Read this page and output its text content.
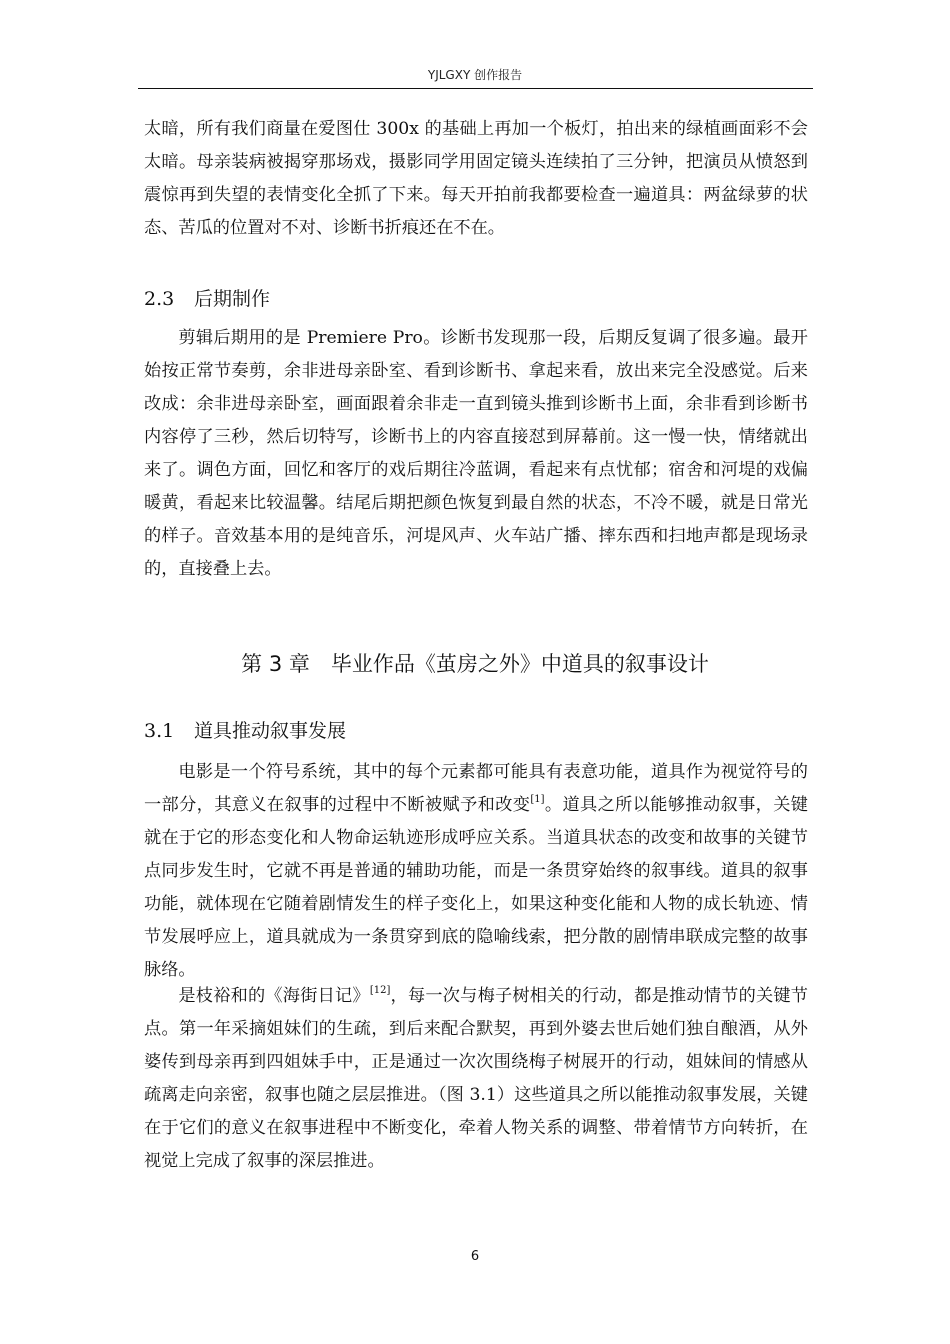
YJLGXY 创作报告

太暗，所有我们商量在爱图仕 300x 的基础上再加一个板灯，拍出来的绿植画面彩不会太暗。母亲装病被揭穿那场戏，摄影同学用固定镜头连续拍了三分钟，把演员从愤怒到震惊再到失望的表情变化全抓了下来。每天开拍前我都要检查一遍道具：两盆绿萝的状态、苦瓜的位置对不对、诊断书折痕还在不在。

2.3 后期制作

剪辑后期用的是 Premiere Pro。诊断书发现那一段，后期反复调了很多遍。最开始按正常节奏剪，余非进母亲卧室、看到诊断书、拿起来看，放出来完全没感觉。后来改成：余非进母亲卧室，画面跟着余非走一直到镜头推到诊断书上面，余非看到诊断书内容停了三秒，然后切特写，诊断书上的内容直接怼到屏幕前。这一慢一快，情绪就出来了。调色方面，回忆和客厅的戏后期往冷蓝调，看起来有点忧郁；宿舍和河堤的戏偏暖黄，看起来比较温馨。结尾后期把颜色恢复到最自然的状态，不冷不暖，就是日常光的样子。音效基本用的是纯音乐，河堤风声、火车站广播、摔东西和扫地声都是现场录的，直接叠上去。

第 3 章　毕业作品《茧房之外》中道具的叙事设计
3.1 道具推动叙事发展

电影是一个符号系统，其中的每个元素都可能具有表意功能，道具作为视觉符号的一部分，其意义在叙事的过程中不断被赋予和改变[1]。道具之所以能够推动叙事，关键就在于它的形态变化和人物命运轨迹形成呼应关系。当道具状态的改变和故事的关键节点同步发生时，它就不再是普通的辅助功能，而是一条贯穿始终的叙事线。道具的叙事功能，就体现在它随着剧情发生的样子变化上，如果这种变化能和人物的成长轨迹、情节发展呼应上，道具就成为一条贯穿到底的隐喻线索，把分散的剧情串联成完整的故事脉络。

是枝裕和的《海街日记》[12]，每一次与梅子树相关的行动，都是推动情节的关键节点。第一年采摘姐妹们的生疏，到后来配合默契，再到外婆去世后她们独自酿酒，从外婆传到母亲再到四姐妹手中，正是通过一次次围绕梅子树展开的行动，姐妹间的情感从疏离走向亲密，叙事也随之层层推进。（图 3.1）这些道具之所以能推动叙事发展，关键在于它们的意义在叙事进程中不断变化，牵着人物关系的调整、带着情节方向转折，在视觉上完成了叙事的深层推进。

6
